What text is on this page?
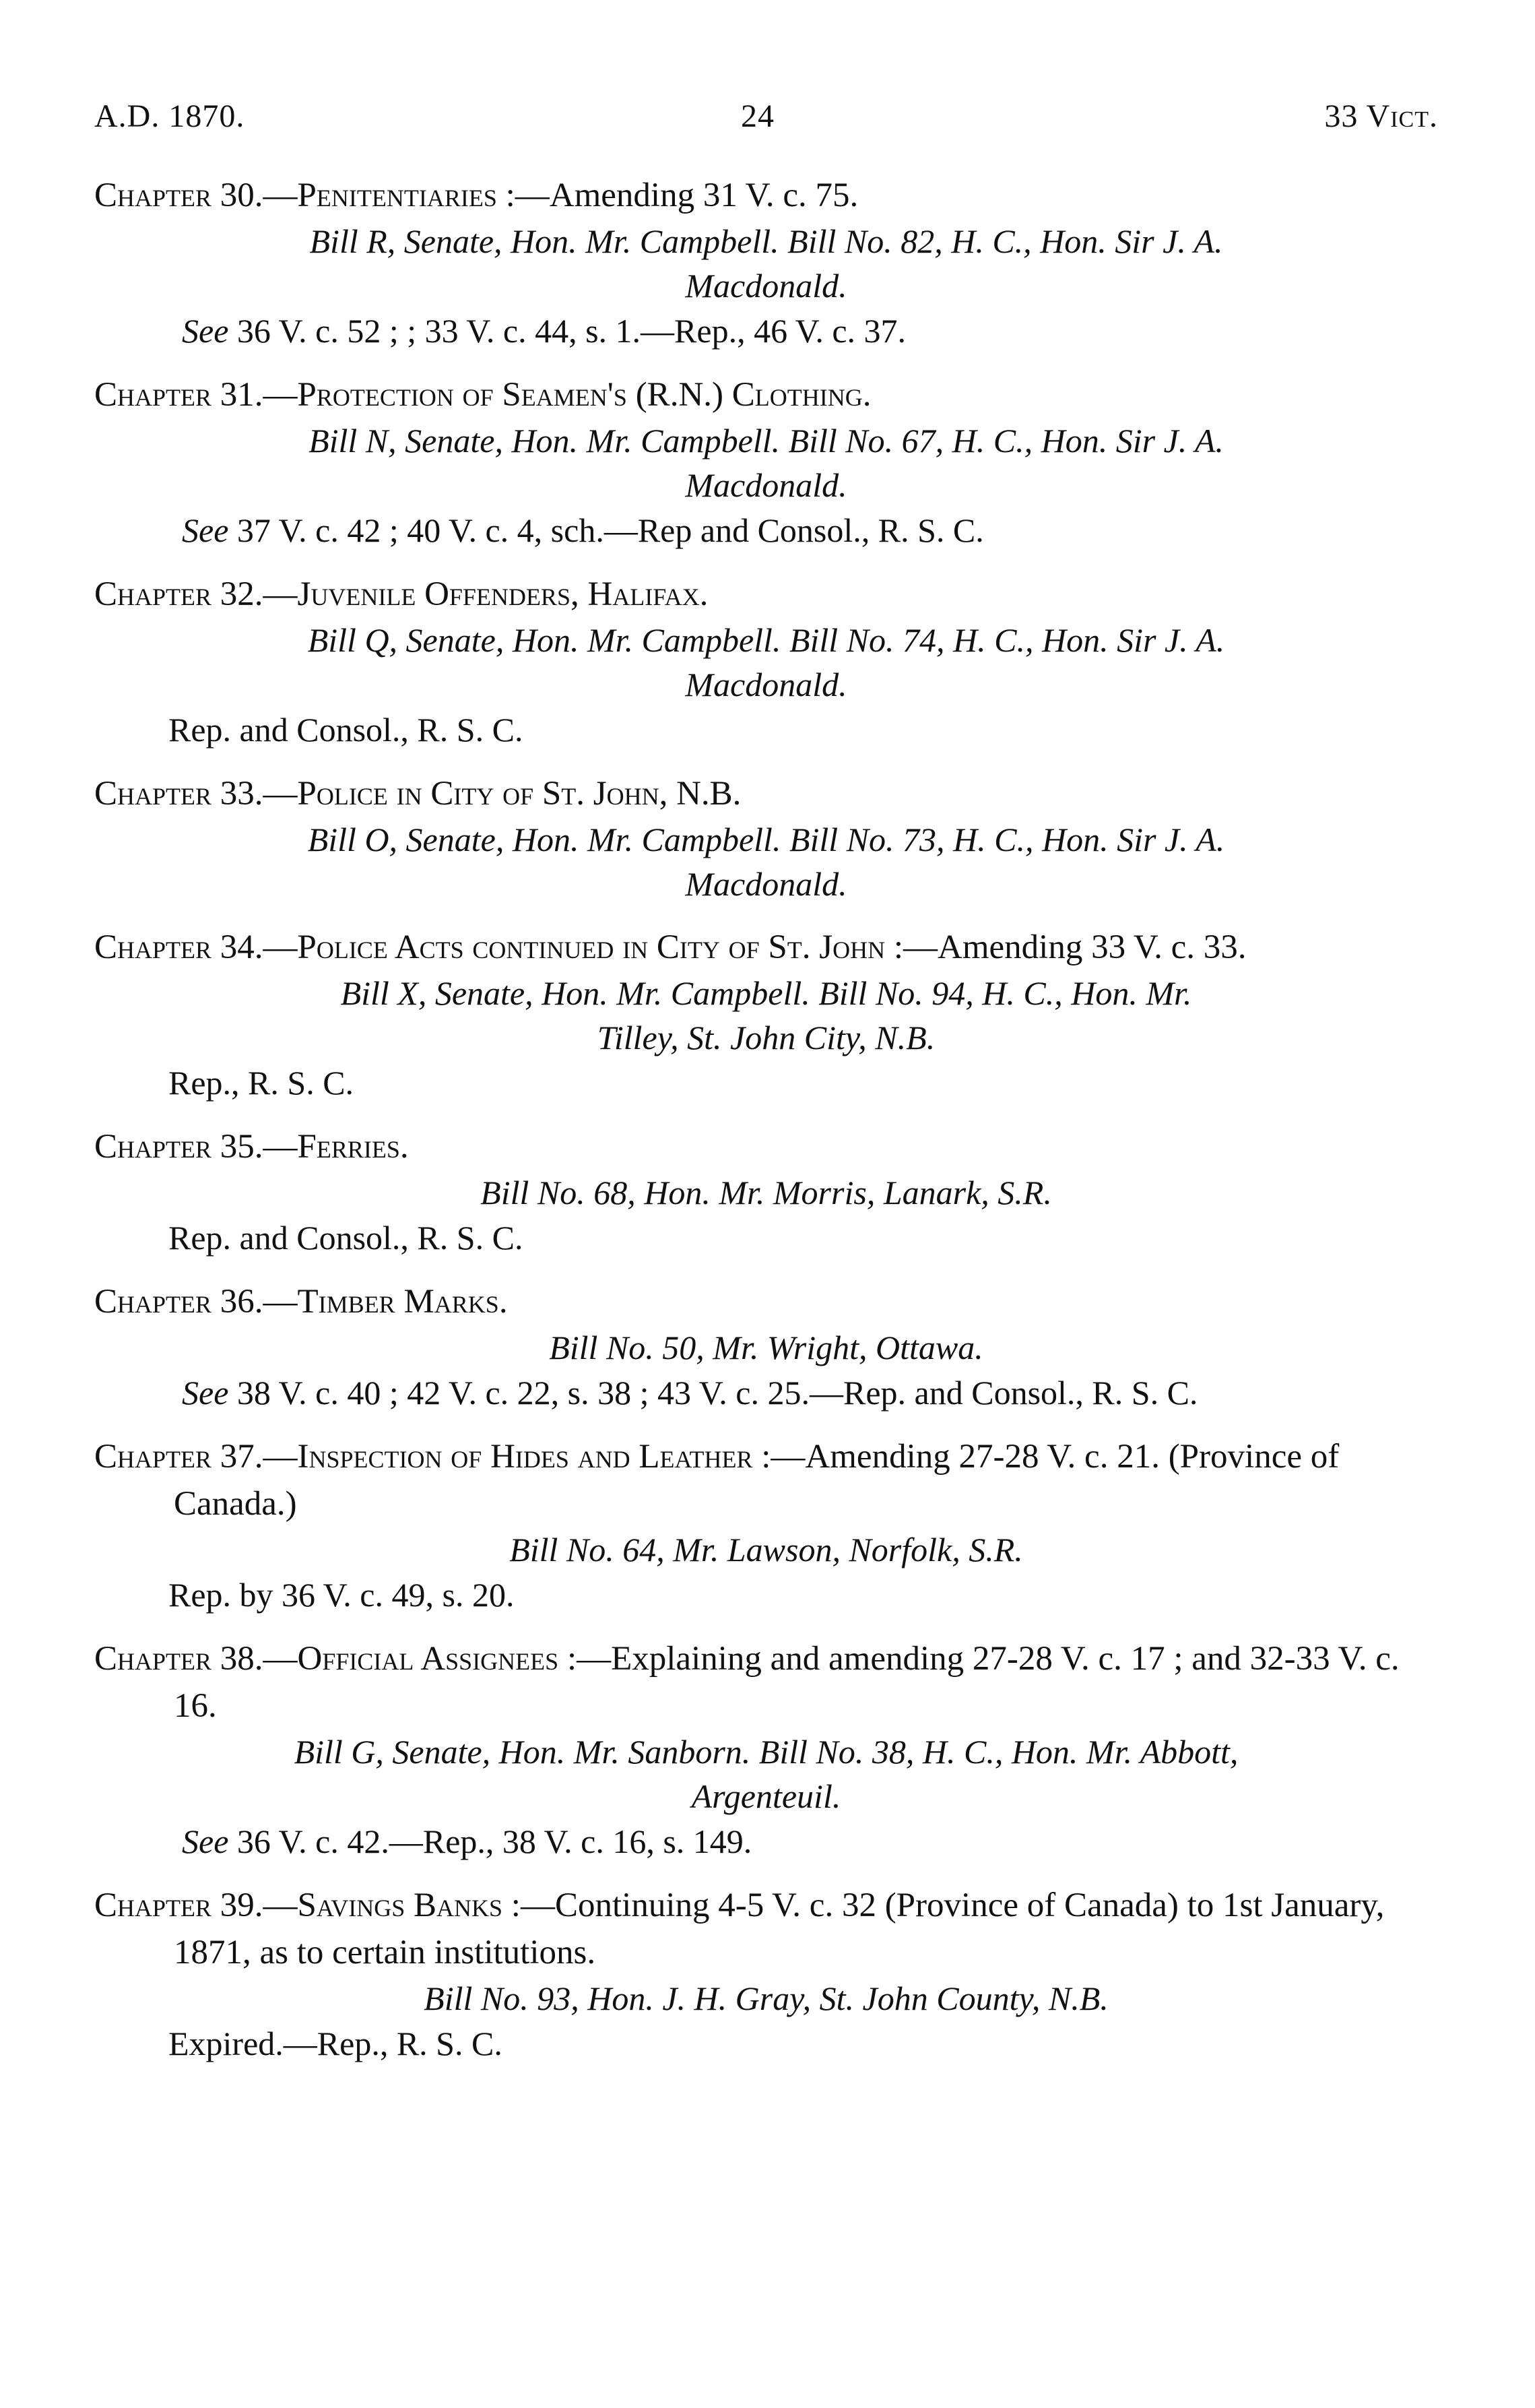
A.D. 1870.	24	33 Vict.
Chapter 30.—Penitentiaries :—Amending 31 V. c. 75.
Bill R, Senate, Hon. Mr. Campbell. Bill No. 82, H. C., Hon. Sir J. A.
Macdonald.
See 36 V. c. 52 ; ; 33 V. c. 44, s. 1.—Rep., 46 V. c. 37.
Chapter 31.—Protection of Seamen's (R.N.) Clothing.
Bill N, Senate, Hon. Mr. Campbell. Bill No. 67, H. C., Hon. Sir J. A.
Macdonald.
See 37 V. c. 42 ; 40 V. c. 4, sch.—Rep and Consol., R. S. C.
Chapter 32.—Juvenile Offenders, Halifax.
Bill Q, Senate, Hon. Mr. Campbell. Bill No. 74, H. C., Hon. Sir J. A.
Macdonald.
Rep. and Consol., R. S. C.
Chapter 33.—Police in City of St. John, N.B.
Bill O, Senate, Hon. Mr. Campbell. Bill No. 73, H. C., Hon. Sir J. A.
Macdonald.
Chapter 34.—Police Acts continued in City of St. John :—Amending 33 V. c. 33.
Bill X, Senate, Hon. Mr. Campbell. Bill No. 94, H. C., Hon. Mr.
Tilley, St. John City, N.B.
Rep., R. S. C.
Chapter 35.—Ferries.
Bill No. 68, Hon. Mr. Morris, Lanark, S.R.
Rep. and Consol., R. S. C.
Chapter 36.—Timber Marks.
Bill No. 50, Mr. Wright, Ottawa.
See 38 V. c. 40 ; 42 V. c. 22, s. 38 ; 43 V. c. 25.—Rep. and Consol., R. S. C.
Chapter 37.—Inspection of Hides and Leather :—Amending 27-28 V. c. 21. (Province of Canada.)
Bill No. 64, Mr. Lawson, Norfolk, S.R.
Rep. by 36 V. c. 49, s. 20.
Chapter 38.—Official Assignees :—Explaining and amending 27-28 V. c. 17 ; and 32-33 V. c. 16.
Bill G, Senate, Hon. Mr. Sanborn. Bill No. 38, H. C., Hon. Mr. Abbott,
Argenteuil.
See 36 V. c. 42.—Rep., 38 V. c. 16, s. 149.
Chapter 39.—Savings Banks :—Continuing 4-5 V. c. 32 (Province of Canada) to 1st January, 1871, as to certain institutions.
Bill No. 93, Hon. J. H. Gray, St. John County, N.B.
Expired.—Rep., R. S. C.
